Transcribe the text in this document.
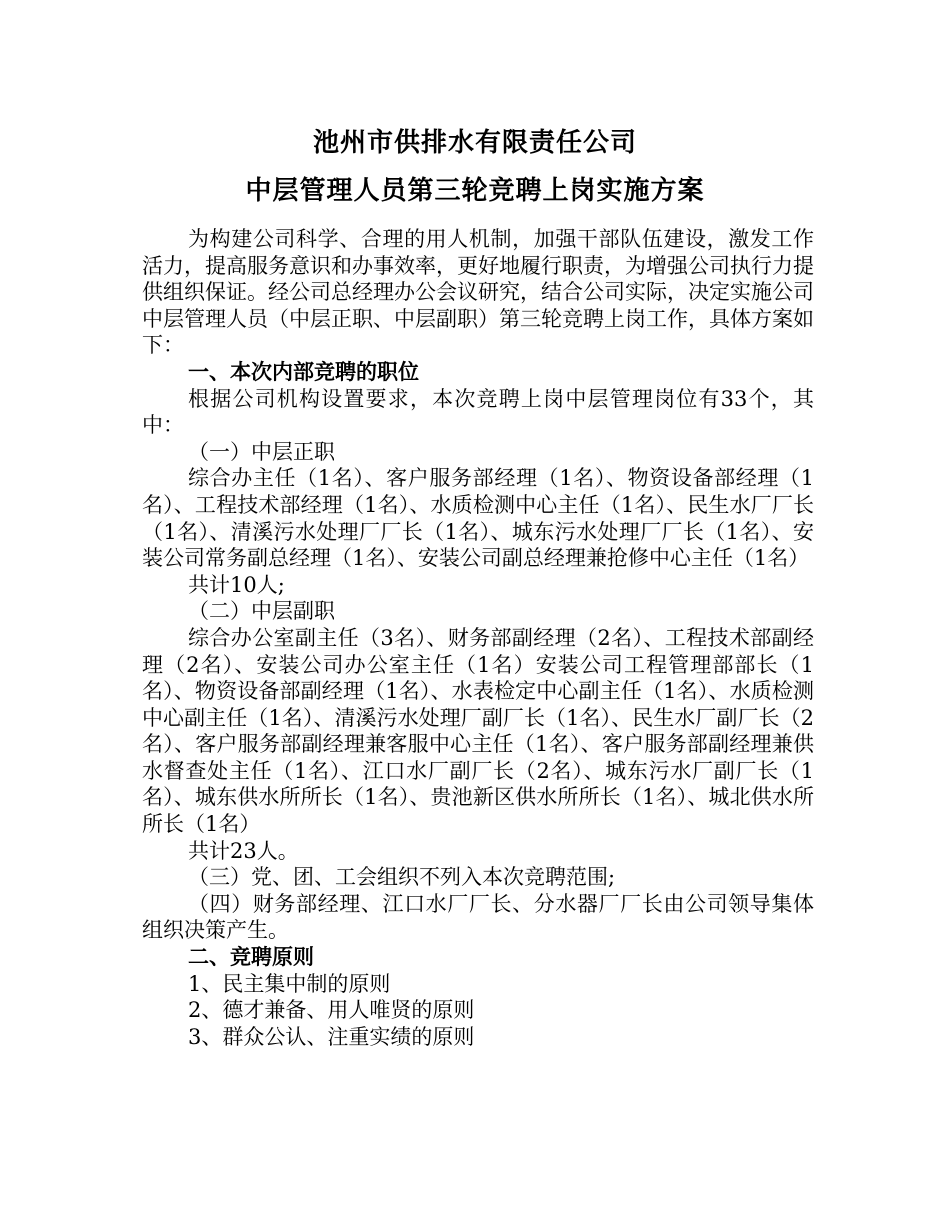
池州市供排水有限责任公司
中层管理人员第三轮竞聘上岗实施方案

为构建公司科学、合理的用人机制，加强干部队伍建设，激发工作活力，提高服务意识和办事效率，更好地履行职责，为增强公司执行力提供组织保证。经公司总经理办公会议研究，结合公司实际，决定实施公司中层管理人员（中层正职、中层副职）第三轮竞聘上岗工作，具体方案如下：

一、本次内部竞聘的职位

根据公司机构设置要求，本次竞聘上岗中层管理岗位有33个，其中：

（一）中层正职

综合办主任（1名）、客户服务部经理（1名）、物资设备部经理（1名）、工程技术部经理（1名）、水质检测中心主任（1名）、民生水厂厂长（1名）、清溪污水处理厂厂长（1名）、城东污水处理厂厂长（1名）、安装公司常务副总经理（1名）、安装公司副总经理兼抢修中心主任（1名）

共计10人;

（二）中层副职

综合办公室副主任（3名）、财务部副经理（2名）、工程技术部副经理（2名）、安装公司办公室主任（1名）安装公司工程管理部部长（1名）、物资设备部副经理（1名）、水表检定中心副主任（1名）、水质检测中心副主任（1名）、清溪污水处理厂副厂长（1名）、民生水厂副厂长（2名）、客户服务部副经理兼客服中心主任（1名）、客户服务部副经理兼供水督查处主任（1名）、江口水厂副厂长（2名）、城东污水厂副厂长（1名）、城东供水所所长（1名）、贵池新区供水所所长（1名）、城北供水所所长（1名）

共计23人。

（三）党、团、工会组织不列入本次竞聘范围;

（四）财务部经理、江口水厂厂长、分水器厂厂长由公司领导集体组织决策产生。

二、竞聘原则

1、民主集中制的原则

2、德才兼备、用人唯贤的原则

3、群众公认、注重实绩的原则
